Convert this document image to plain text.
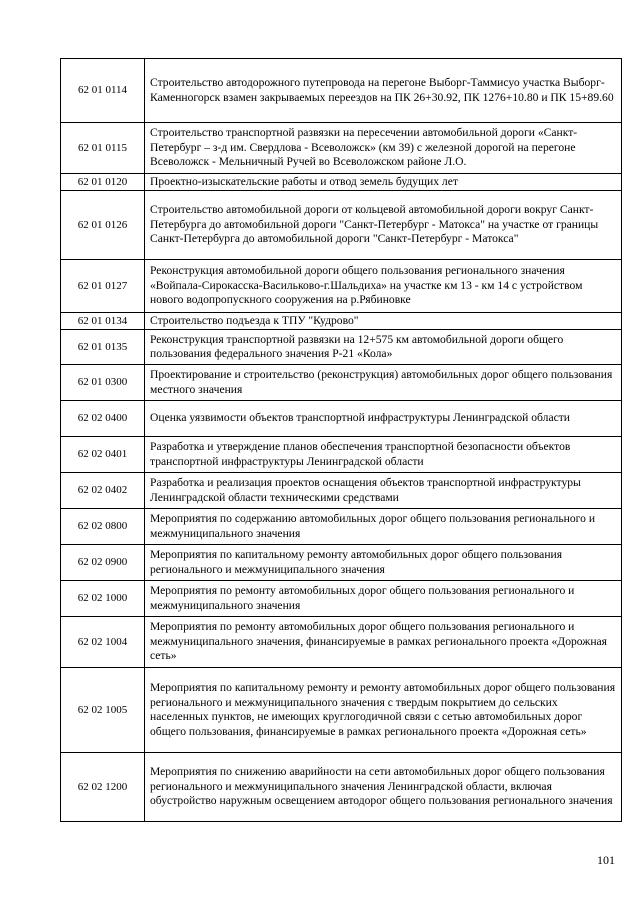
62 01 0114	Строительство автодорожного путепровода на перегоне Выборг-Таммисуо участка Выборг-Каменногорск взамен закрываемых переездов на ПК 26+30.92, ПК 1276+10.80 и ПК 15+89.60
62 01 0115	Строительство транспортной развязки на пересечении автомобильной дороги «Санкт-Петербург – з-д им. Свердлова - Всеволожск» (км 39) с железной дорогой на перегоне Всеволожск - Мельничный Ручей во Всеволожском районе Л.О.
62 01 0120	Проектно-изыскательские работы и отвод земель будущих лет
62 01 0126	Строительство автомобильной дороги от кольцевой автомобильной дороги вокруг Санкт-Петербурга до автомобильной дороги "Санкт-Петербург - Матокса" на участке от границы Санкт-Петербурга до автомобильной дороги "Санкт-Петербург - Матокса"
62 01 0127	Реконструкция автомобильной дороги общего пользования регионального значения «Войпала-Сирокасска-Васильково-г.Шальдиха» на участке км 13 - км 14 с устройством нового водопропускного сооружения на р.Рябиновке
62 01 0134	Строительство подъезда к ТПУ "Кудрово"
62 01 0135	Реконструкция транспортной развязки на 12+575 км автомобильной дороги общего пользования федерального значения Р-21 «Кола»
62 01 0300	Проектирование и строительство (реконструкция) автомобильных дорог общего пользования местного значения
62 02 0400	Оценка уязвимости объектов транспортной инфраструктуры Ленинградской области
62 02 0401	Разработка и утверждение планов обеспечения транспортной безопасности объектов транспортной инфраструктуры Ленинградской области
62 02 0402	Разработка и реализация проектов оснащения объектов транспортной инфраструктуры Ленинградской области техническими средствами
62 02 0800	Мероприятия по содержанию автомобильных дорог общего пользования регионального и межмуниципального значения
62 02 0900	Мероприятия по капитальному ремонту автомобильных дорог общего пользования регионального и межмуниципального значения
62 02 1000	Мероприятия по ремонту автомобильных дорог общего пользования регионального и межмуниципального значения
62 02 1004	Мероприятия по ремонту автомобильных дорог общего пользования регионального и межмуниципального значения, финансируемые в рамках регионального проекта «Дорожная сеть»
62 02 1005	Мероприятия по капитальному ремонту и ремонту автомобильных дорог общего пользования регионального и межмуниципального значения с твердым покрытием до сельских населенных пунктов, не имеющих круглогодичной связи с сетью автомобильных дорог общего пользования, финансируемые в рамках регионального проекта «Дорожная сеть»
62 02 1200	Мероприятия по снижению аварийности на сети автомобильных дорог общего пользования регионального и межмуниципального значения Ленинградской области, включая обустройство наружным освещением автодорог общего пользования регионального значения
101
